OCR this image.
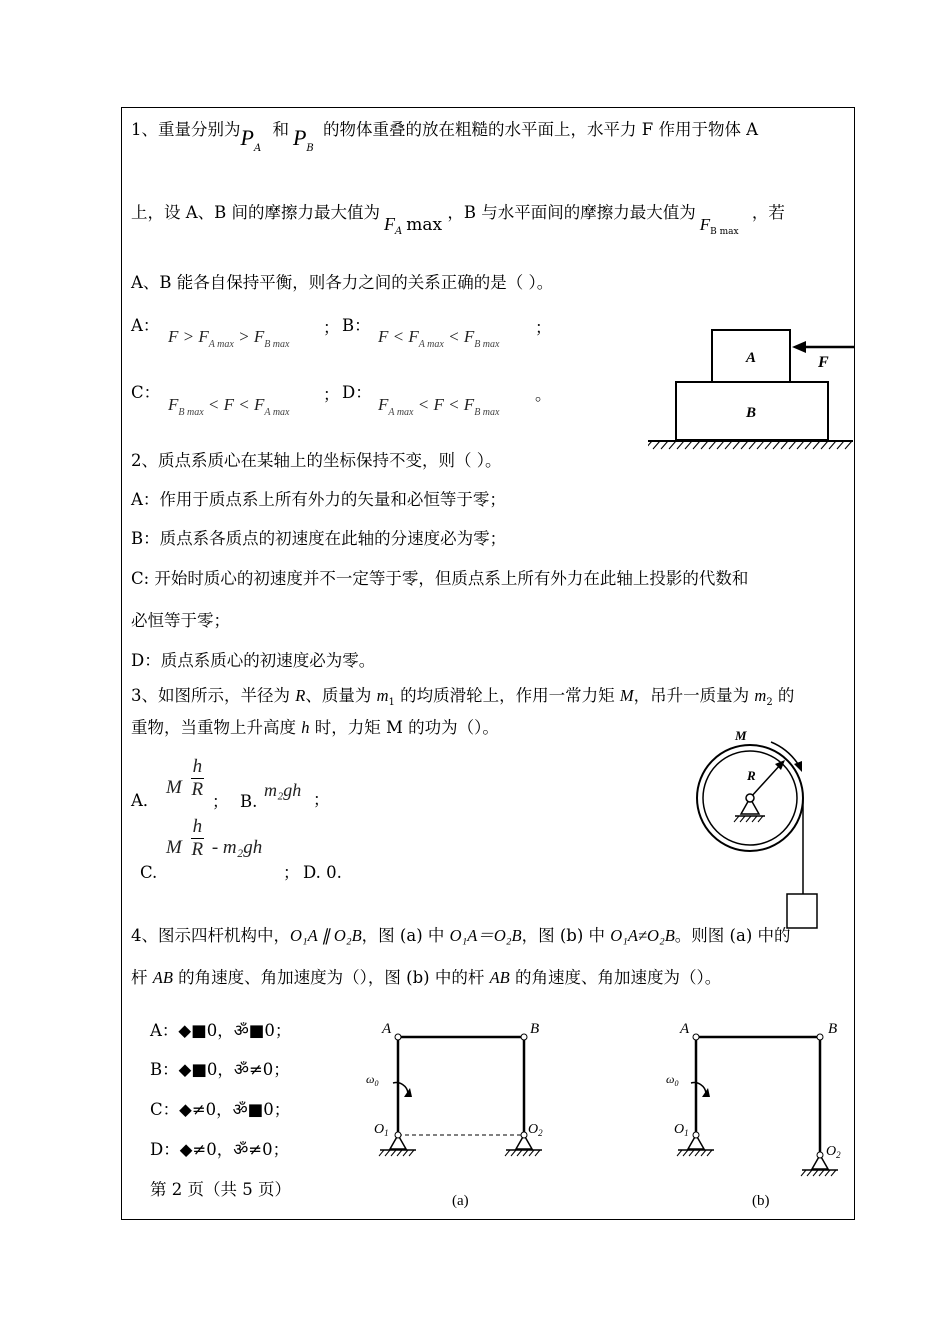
1、重量分别为$P_A$ 和 $P_B$ 的物体重叠的放在粗糙的水平面上，水平力 F 作用于物体 A
上，设 A、B 间的摩擦力最大值为$F_A$ max ，B 与水平面间的摩擦力最大值为$F_{B max}$ ，若
A、B 能各自保持平衡，则各力之间的关系正确的是（ ）。
A：
$F > F_{A max} > F_{B max}$
； B：
$F < F_{A max} < F_{B max}$
；
C：
$F_{B max} < F < F_{A max}$
； D：
$F_{A max} < F < F_{B max}$
。
A
B
F
2、质点系质心在某轴上的坐标保持不变，则（ ）。
A：作用于质点系上所有外力的矢量和必恒等于零；
B：质点系各质点的初速度在此轴的分速度必为零；
C: 开始时质心的初速度并不一定等于零，但质点系上所有外力在此轴上投影的代数和
必恒等于零；
D：质点系质心的初速度必为零。
3、如图所示，半径为 R、质量为 $m_1$ 的均质滑轮上，作用一常力矩 M，吊升一质量为 $m_2$ 的
重物，当重物上升高度 h 时，力矩 M 的功为（）。
A．
M $\frac{h}{R}$
； B.
m₂gh ；
C.
M $\frac{h}{R} - m_2gh$
； D. 0.
M
R
4、图示四杆机构中，O₁A ∥ O₂B，图 (a) 中 O₁A＝O₂B，图 (b) 中 O₁A≠O₂B。则图 (a) 中的
杆 AB 的角速度、角加速度为（），图 (b) 中的杆 AB 的角速度、角加速度为（）。
A：◆■0，ॐ■0；
B：◆■0，ॐ≠0；
C：◆≠0，ॐ■0；
D：◆≠0，ॐ≠0；
A	B
$\omega_0$
$O_1$	$O_2$
(a)
A	B
$\omega_0$
$O_1$
$O_2$
(b)
第 2 页（共 5 页）
